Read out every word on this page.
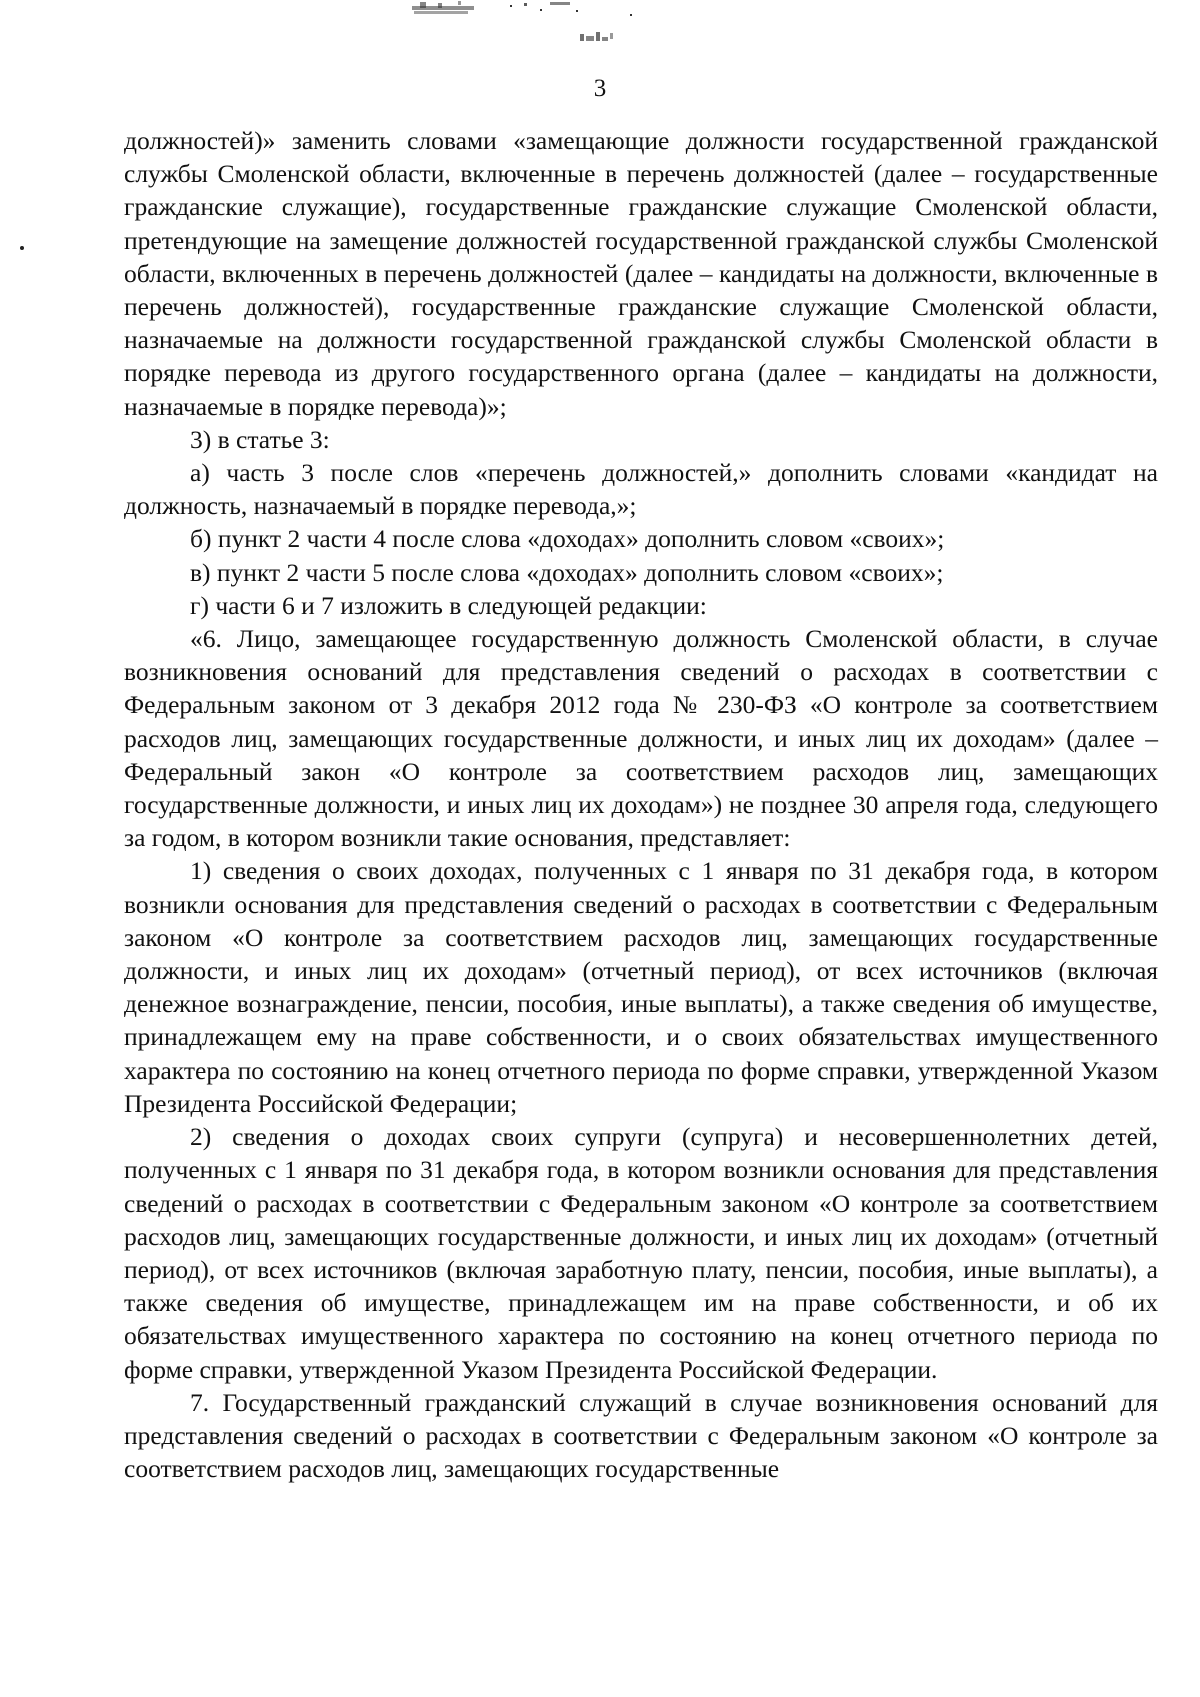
3

должностей)» заменить словами «замещающие должности государственной гражданской службы Смоленской области, включенные в перечень должностей (далее – государственные гражданские служащие), государственные гражданские служащие Смоленской области, претендующие на замещение должностей государственной гражданской службы Смоленской области, включенных в перечень должностей (далее – кандидаты на должности, включенные в перечень должностей), государственные гражданские служащие Смоленской области, назначаемые на должности государственной гражданской службы Смоленской области в порядке перевода из другого государственного органа (далее – кандидаты на должности, назначаемые в порядке перевода)»;

3) в статье 3:

а) часть 3 после слов «перечень должностей,» дополнить словами «кандидат на должность, назначаемый в порядке перевода,»;

б) пункт 2 части 4 после слова «доходах» дополнить словом «своих»;

в) пункт 2 части 5 после слова «доходах» дополнить словом «своих»;

г) части 6 и 7 изложить в следующей редакции:

«6. Лицо, замещающее государственную должность Смоленской области, в случае возникновения оснований для представления сведений о расходах в соответствии с Федеральным законом от 3 декабря 2012 года № 230-ФЗ «О контроле за соответствием расходов лиц, замещающих государственные должности, и иных лиц их доходам» (далее – Федеральный закон «О контроле за соответствием расходов лиц, замещающих государственные должности, и иных лиц их доходам») не позднее 30 апреля года, следующего за годом, в котором возникли такие основания, представляет:

1) сведения о своих доходах, полученных с 1 января по 31 декабря года, в котором возникли основания для представления сведений о расходах в соответствии с Федеральным законом «О контроле за соответствием расходов лиц, замещающих государственные должности, и иных лиц их доходам» (отчетный период), от всех источников (включая денежное вознаграждение, пенсии, пособия, иные выплаты), а также сведения об имуществе, принадлежащем ему на праве собственности, и о своих обязательствах имущественного характера по состоянию на конец отчетного периода по форме справки, утвержденной Указом Президента Российской Федерации;

2) сведения о доходах своих супруги (супруга) и несовершеннолетних детей, полученных с 1 января по 31 декабря года, в котором возникли основания для представления сведений о расходах в соответствии с Федеральным законом «О контроле за соответствием расходов лиц, замещающих государственные должности, и иных лиц их доходам» (отчетный период), от всех источников (включая заработную плату, пенсии, пособия, иные выплаты), а также сведения об имуществе, принадлежащем им на праве собственности, и об их обязательствах имущественного характера по состоянию на конец отчетного периода по форме справки, утвержденной Указом Президента Российской Федерации.

7. Государственный гражданский служащий в случае возникновения оснований для представления сведений о расходах в соответствии с Федеральным законом «О контроле за соответствием расходов лиц, замещающих государственные
